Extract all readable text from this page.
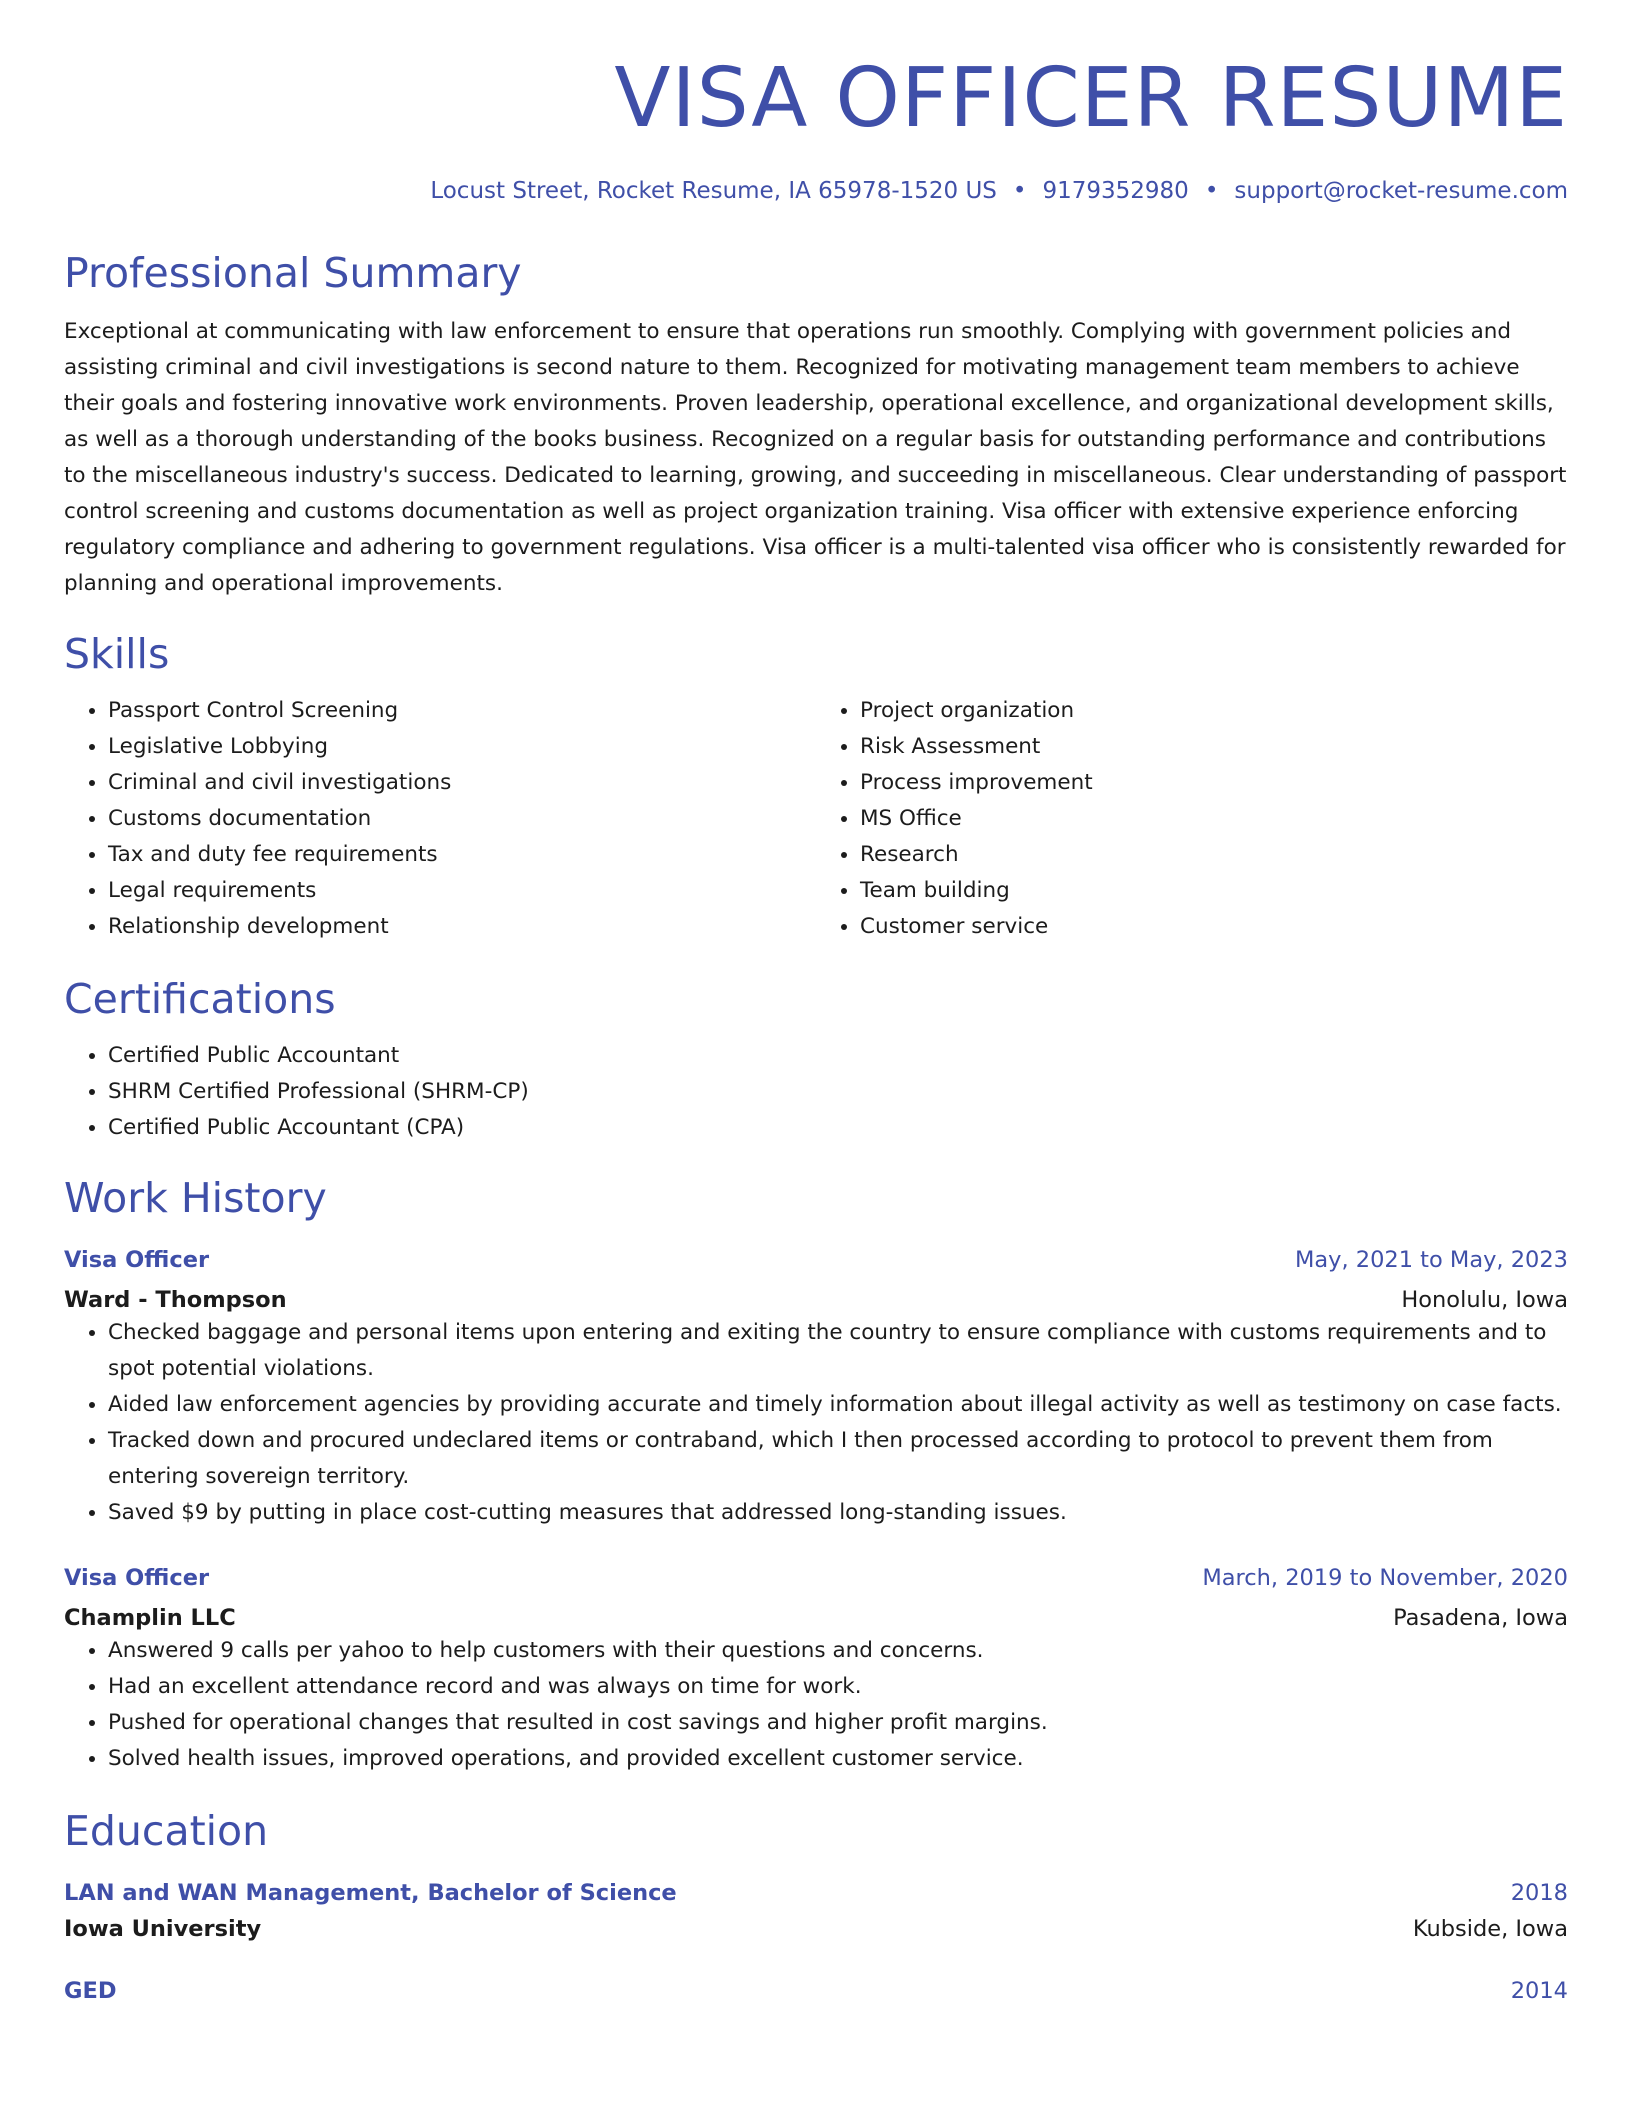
VISA OFFICER RESUME
Locust Street, Rocket Resume, IA 65978-1520 US • 9179352980 • support@rocket-resume.com
Professional Summary

Exceptional at communicating with law enforcement to ensure that operations run smoothly. Complying with government policies and assisting criminal and civil investigations is second nature to them. Recognized for motivating management team members to achieve their goals and fostering innovative work environments. Proven leadership, operational excellence, and organizational development skills, as well as a thorough understanding of the books business. Recognized on a regular basis for outstanding performance and contributions to the miscellaneous industry's success. Dedicated to learning, growing, and succeeding in miscellaneous. Clear understanding of passport control screening and customs documentation as well as project organization training. Visa officer with extensive experience enforcing regulatory compliance and adhering to government regulations. Visa officer is a multi-talented visa officer who is consistently rewarded for planning and operational improvements.

Skills
• Passport Control Screening
• Legislative Lobbying
• Criminal and civil investigations
• Customs documentation
• Tax and duty fee requirements
• Legal requirements
• Relationship development
• Project organization
• Risk Assessment
• Process improvement
• MS Office
• Research
• Team building
• Customer service
Certifications
• Certified Public Accountant
• SHRM Certified Professional (SHRM-CP)
• Certified Public Accountant (CPA)
Work History
Visa Officer	May, 2021 to May, 2023
Ward - Thompson	Honolulu, Iowa
• Checked baggage and personal items upon entering and exiting the country to ensure compliance with customs requirements and to spot potential violations.
• Aided law enforcement agencies by providing accurate and timely information about illegal activity as well as testimony on case facts.
• Tracked down and procured undeclared items or contraband, which I then processed according to protocol to prevent them from entering sovereign territory.
• Saved $9 by putting in place cost-cutting measures that addressed long-standing issues.
Visa Officer	March, 2019 to November, 2020
Champlin LLC	Pasadena, Iowa
• Answered 9 calls per yahoo to help customers with their questions and concerns.
• Had an excellent attendance record and was always on time for work.
• Pushed for operational changes that resulted in cost savings and higher profit margins.
• Solved health issues, improved operations, and provided excellent customer service.
Education
LAN and WAN Management, Bachelor of Science	2018
Iowa University	Kubside, Iowa
GED	2014
